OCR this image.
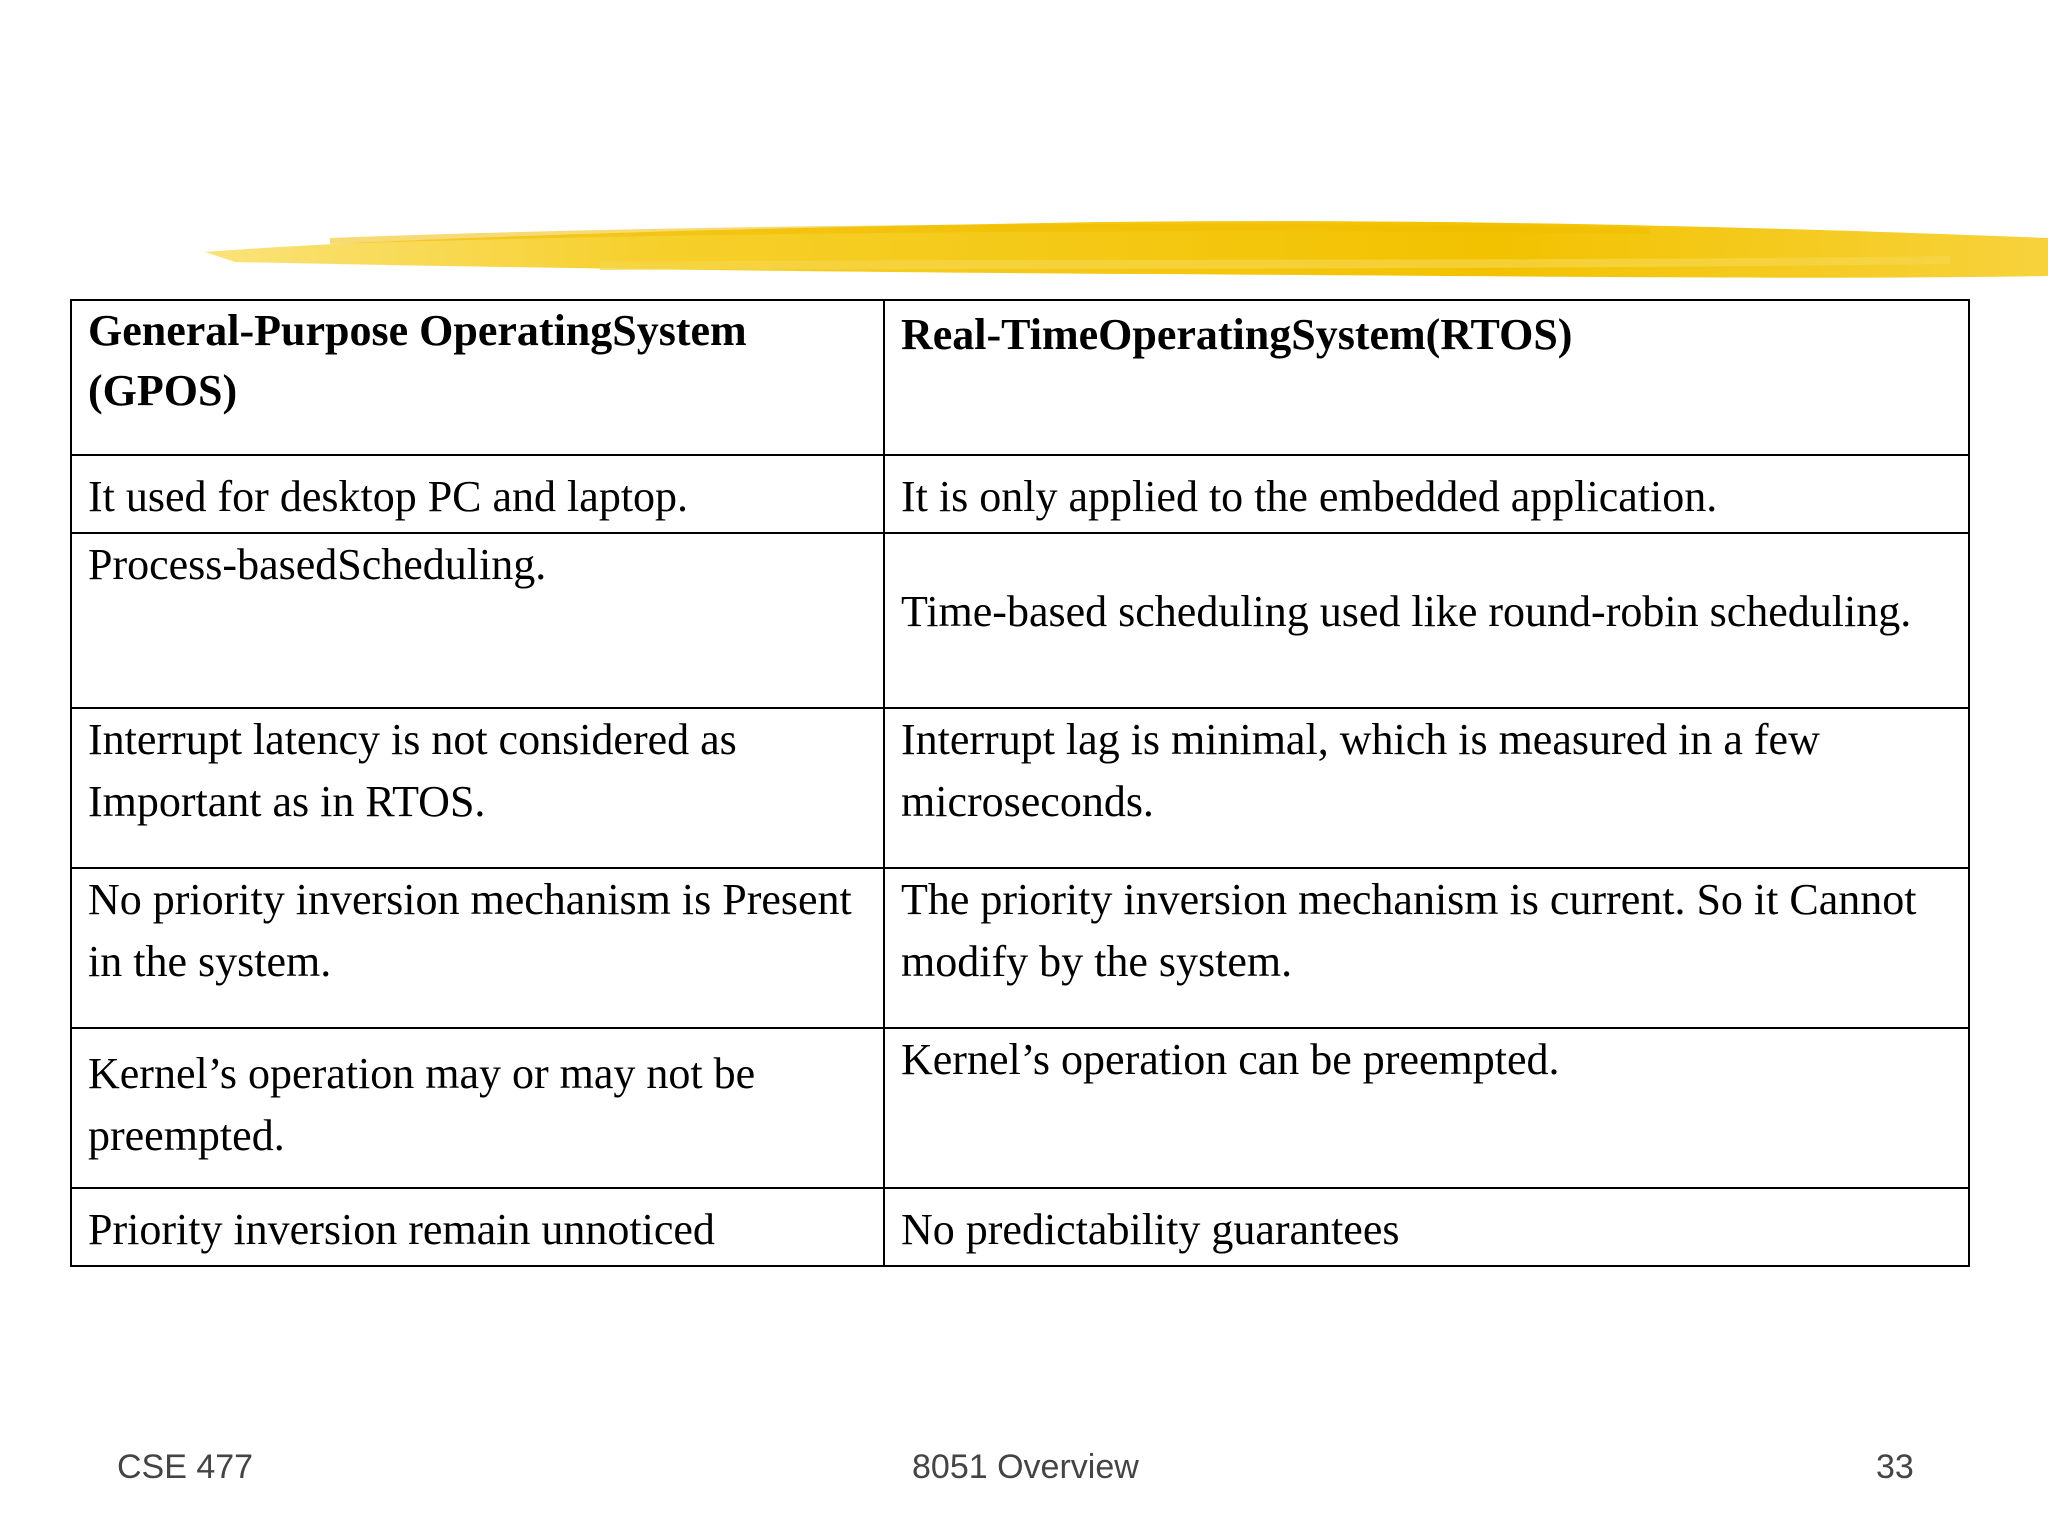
General-Purpose OperatingSystem (GPOS)	Real-TimeOperatingSystem(RTOS)
It used for desktop PC and laptop.	It is only applied to the embedded application.
Process-basedScheduling.	Time-based scheduling used like round-robin scheduling.
Interrupt latency is not considered as Important as in RTOS.	Interrupt lag is minimal, which is measured in a few microseconds.
No priority inversion mechanism is Present in the system.	The priority inversion mechanism is current. So it Cannot modify by the system.
Kernel’s operation may or may not be preempted.	Kernel’s operation can be preempted.
Priority inversion remain unnoticed	No predictability guarantees
CSE 477	8051 Overview	33
